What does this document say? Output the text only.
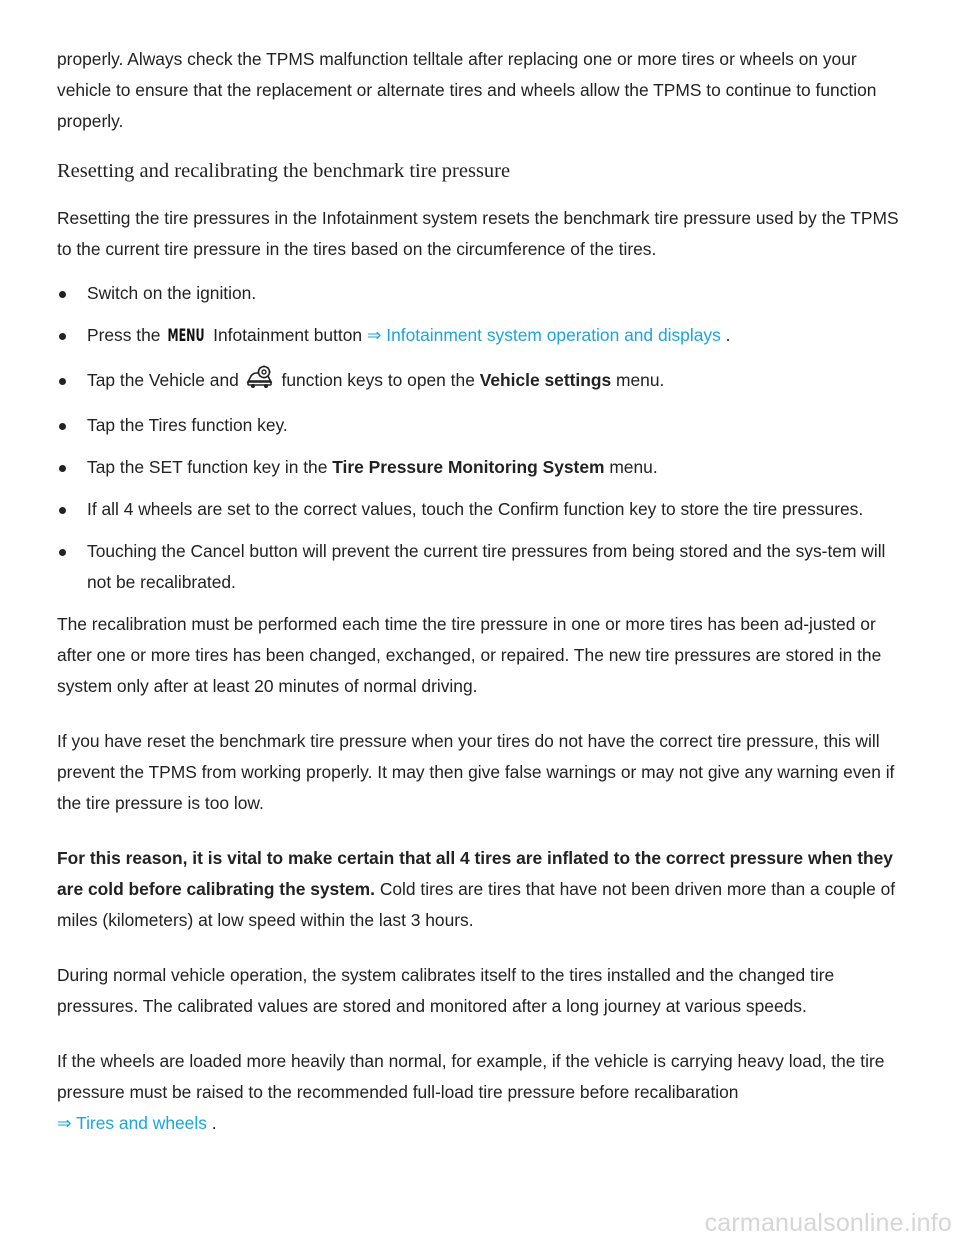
properly. Always check the TPMS malfunction telltale after replacing one or more tires or wheels on your vehicle to ensure that the replacement or alternate tires and wheels allow the TPMS to continue to function properly.

Resetting and recalibrating the benchmark tire pressure

Resetting the tire pressures in the Infotainment system resets the benchmark tire pressure used by the TPMS to the current tire pressure in the tires based on the circumference of the tires.

Switch on the ignition.
Press the MENU Infotainment button ⇒ Infotainment system operation and displays .
Tap the Vehicle and function keys to open the Vehicle settings menu.
Tap the Tires function key.
Tap the SET function key in the Tire Pressure Monitoring System menu.
If all 4 wheels are set to the correct values, touch the Confirm function key to store the tire pressures.
Touching the Cancel button will prevent the current tire pressures from being stored and the sys-tem will not be recalibrated.

The recalibration must be performed each time the tire pressure in one or more tires has been ad-justed or after one or more tires has been changed, exchanged, or repaired. The new tire pressures are stored in the system only after at least 20 minutes of normal driving.

If you have reset the benchmark tire pressure when your tires do not have the correct tire pressure, this will prevent the TPMS from working properly. It may then give false warnings or may not give any warning even if the tire pressure is too low.

For this reason, it is vital to make certain that all 4 tires are inflated to the correct pressure when they are cold before calibrating the system. Cold tires are tires that have not been driven more than a couple of miles (kilometers) at low speed within the last 3 hours.

During normal vehicle operation, the system calibrates itself to the tires installed and the changed tire pressures. The calibrated values are stored and monitored after a long journey at various speeds.

If the wheels are loaded more heavily than normal, for example, if the vehicle is carrying heavy load, the tire pressure must be raised to the recommended full-load tire pressure before recalibaration
⇒ Tires and wheels .

carmanualsonline.info
